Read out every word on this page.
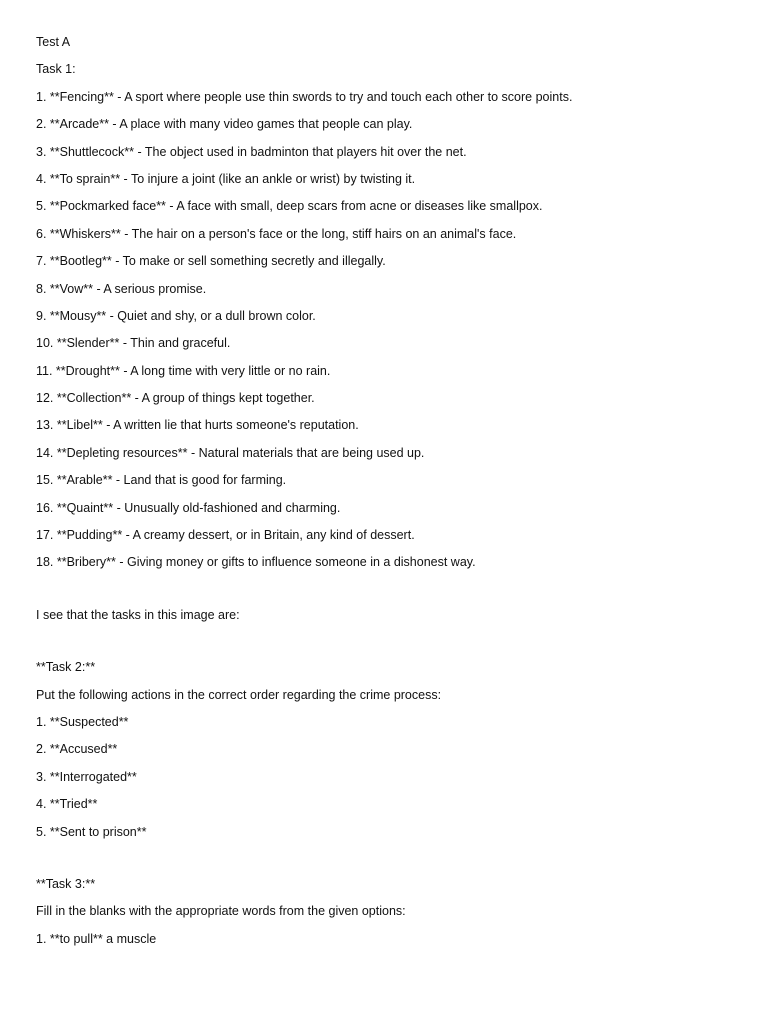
Test A
Task 1:
1. **Fencing** - A sport where people use thin swords to try and touch each other to score points.
2. **Arcade** - A place with many video games that people can play.
3. **Shuttlecock** - The object used in badminton that players hit over the net.
4. **To sprain** - To injure a joint (like an ankle or wrist) by twisting it.
5. **Pockmarked face** - A face with small, deep scars from acne or diseases like smallpox.
6. **Whiskers** - The hair on a person's face or the long, stiff hairs on an animal's face.
7. **Bootleg** - To make or sell something secretly and illegally.
8. **Vow** - A serious promise.
9. **Mousy** - Quiet and shy, or a dull brown color.
10. **Slender** - Thin and graceful.
11. **Drought** - A long time with very little or no rain.
12. **Collection** - A group of things kept together.
13. **Libel** - A written lie that hurts someone's reputation.
14. **Depleting resources** - Natural materials that are being used up.
15. **Arable** - Land that is good for farming.
16. **Quaint** - Unusually old-fashioned and charming.
17. **Pudding** - A creamy dessert, or in Britain, any kind of dessert.
18. **Bribery** - Giving money or gifts to influence someone in a dishonest way.
I see that the tasks in this image are:
**Task 2:**
Put the following actions in the correct order regarding the crime process:
1. **Suspected**
2. **Accused**
3. **Interrogated**
4. **Tried**
5. **Sent to prison**
**Task 3:**
Fill in the blanks with the appropriate words from the given options:
1. **to pull** a muscle
